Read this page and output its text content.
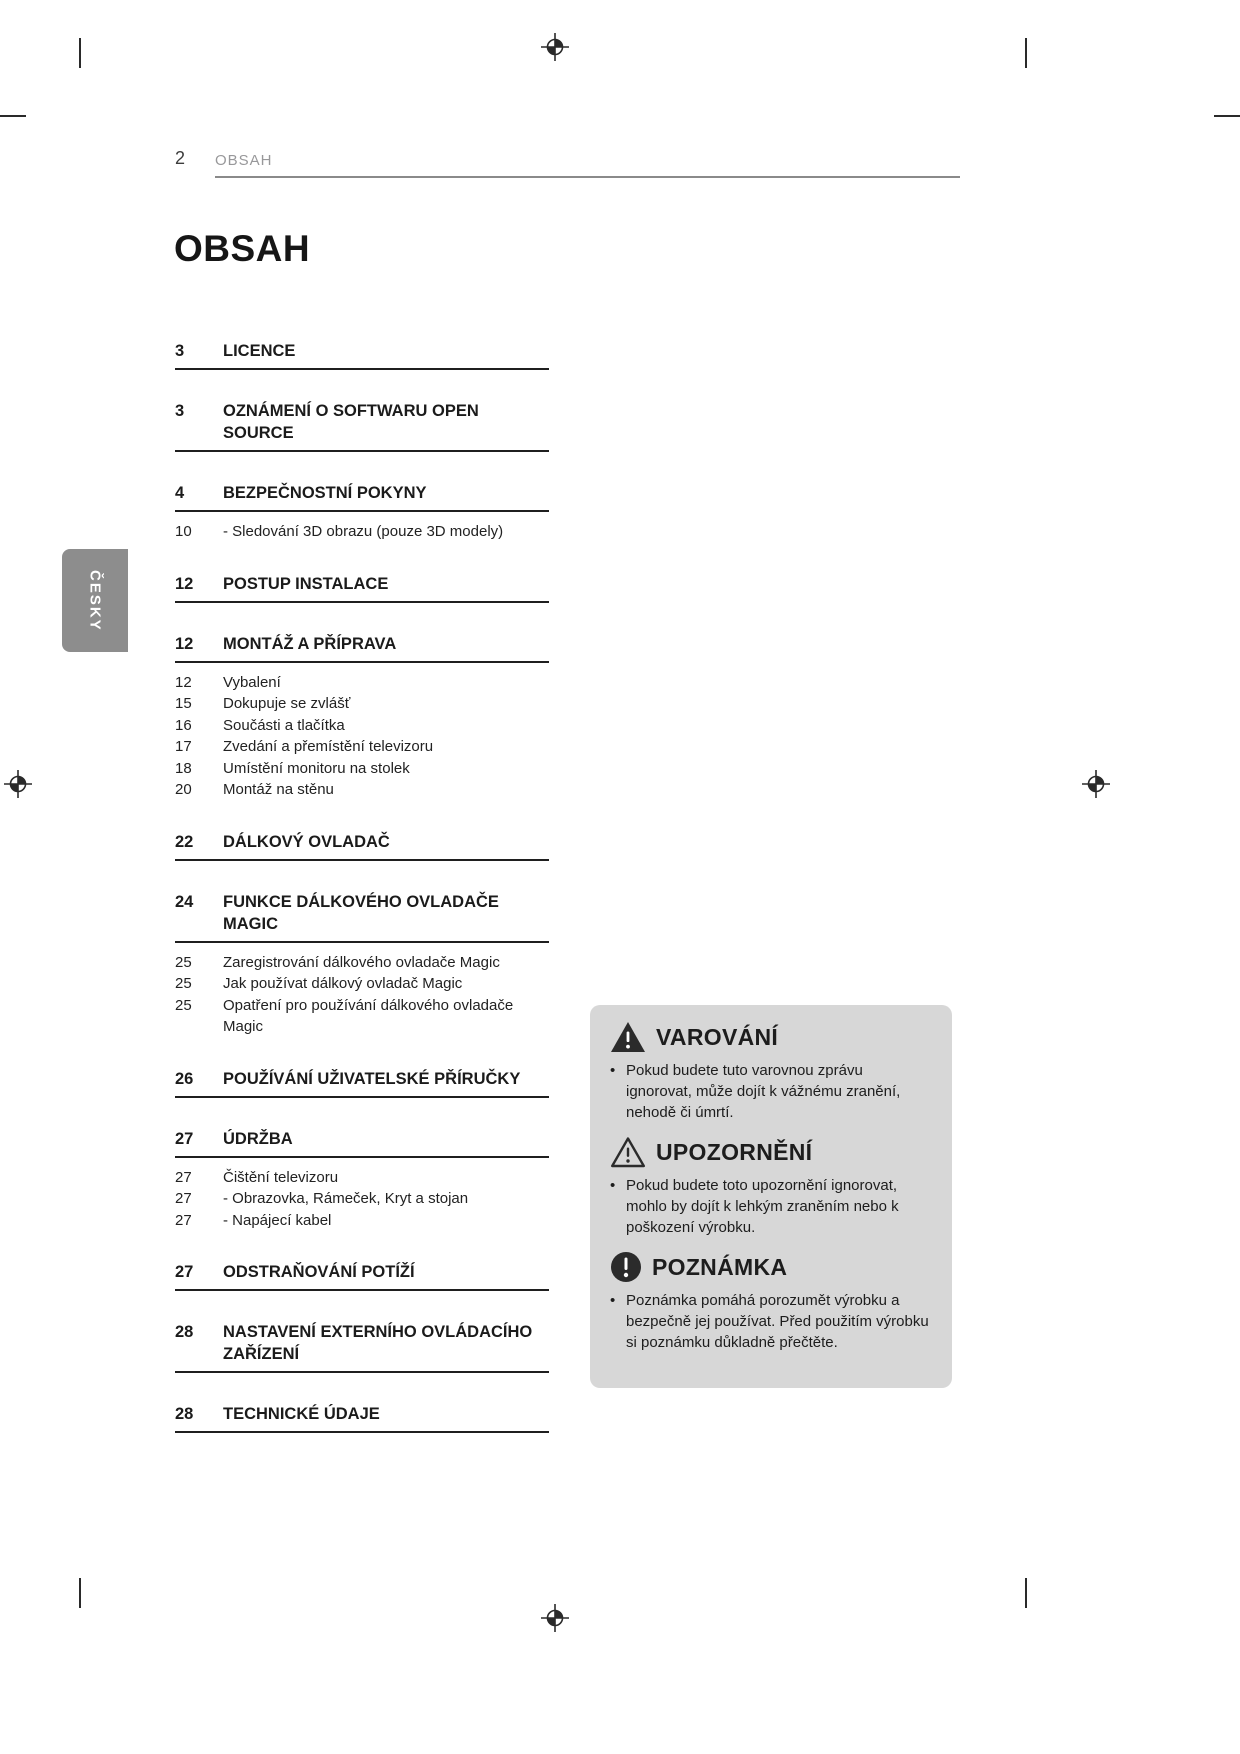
ČESKY
2 OBSAH
OBSAH
3	LICENCE
3	OZNÁMENÍ O SOFTWARU OPEN SOURCE
4	BEZPEČNOSTNÍ POKYNY
10	- Sledování 3D obrazu (pouze 3D modely)
12	POSTUP INSTALACE
12	MONTÁŽ A PŘÍPRAVA
12	Vybalení
15	Dokupuje se zvlášť
16	Součásti a tlačítka
17	Zvedání a přemístění televizoru
18	Umístění monitoru na stolek
20	Montáž na stěnu
22	DÁLKOVÝ OVLADAČ
24	FUNKCE DÁLKOVÉHO OVLADAČE MAGIC
25	Zaregistrování dálkového ovladače Magic
25	Jak používat dálkový ovladač Magic
25	Opatření pro používání dálkového ovladače Magic
26	POUŽÍVÁNÍ UŽIVATELSKÉ PŘÍRUČKY
27	ÚDRŽBA
27	Čištění televizoru
27	- Obrazovka, Rámeček, Kryt a stojan
27	- Napájecí kabel
27	ODSTRAŇOVÁNÍ POTÍŽÍ
28	NASTAVENÍ EXTERNÍHO OVLÁDACÍHO ZAŘÍZENÍ
28	TECHNICKÉ ÚDAJE
VAROVÁNÍ
• Pokud budete tuto varovnou zprávu ignorovat, může dojít k vážnému zranění, nehodě či úmrtí.
UPOZORNĚNÍ
• Pokud budete toto upozornění ignorovat, mohlo by dojít k lehkým zraněním nebo k poškození výrobku.
POZNÁMKA
• Poznámka pomáhá porozumět výrobku a bezpečně jej používat. Před použitím výrobku si poznámku důkladně přečtěte.
